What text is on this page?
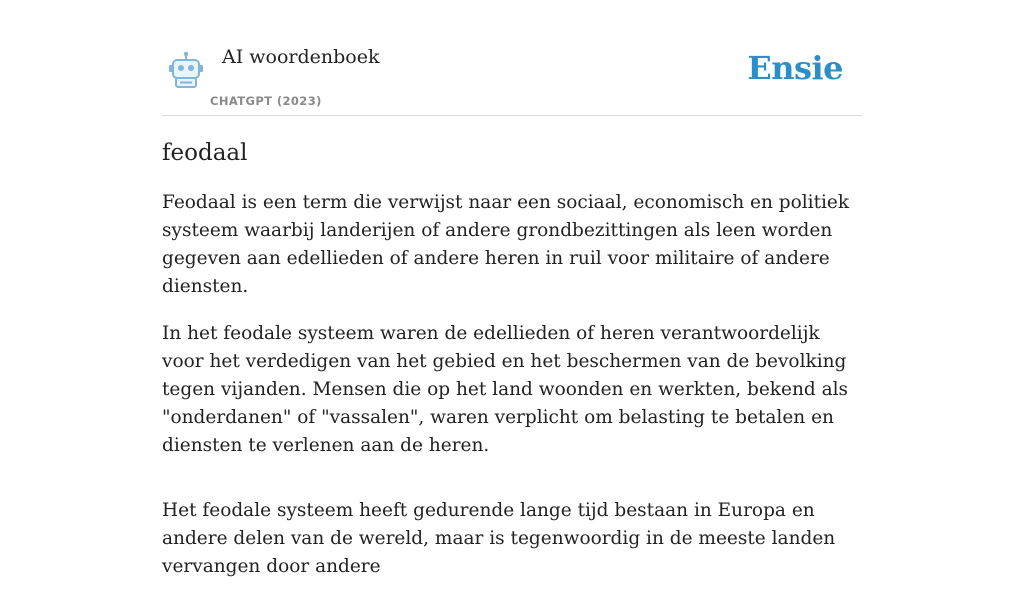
AI woordenboek
CHATGPT (2023)
Ensie
feodaal

Feodaal is een term die verwijst naar een sociaal, economisch en politiek systeem waarbij landerijen of andere grondbezittingen als leen worden gegeven aan edellieden of andere heren in ruil voor militaire of andere diensten.

In het feodale systeem waren de edellieden of heren verantwoordelijk voor het verdedigen van het gebied en het beschermen van de bevolking tegen vijanden. Mensen die op het land woonden en werkten, bekend als "onderdanen" of "vassalen", waren verplicht om belasting te betalen en diensten te verlenen aan de heren.

Het feodale systeem heeft gedurende lange tijd bestaan in Europa en andere delen van de wereld, maar is tegenwoordig in de meeste landen vervangen door andere
